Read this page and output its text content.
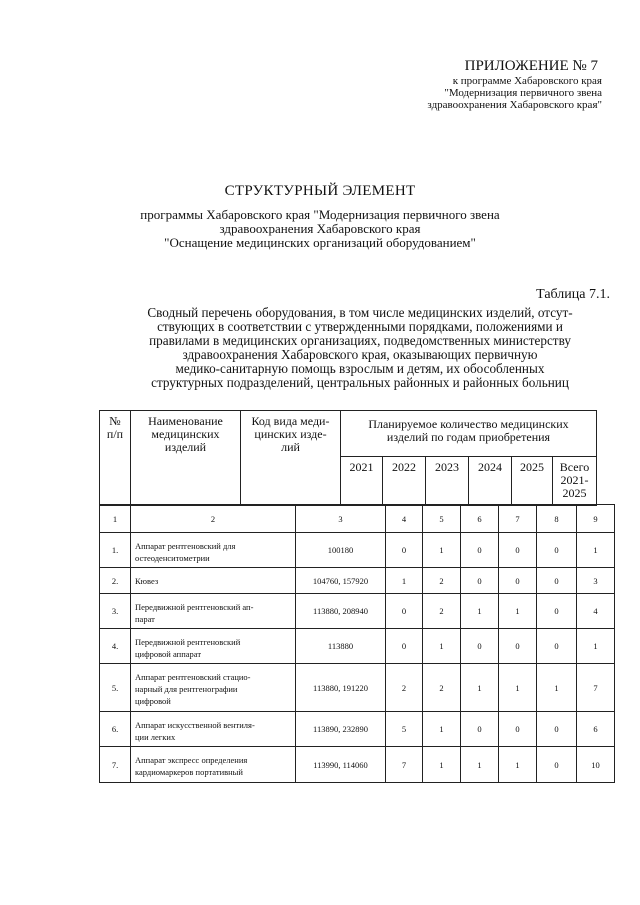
ПРИЛОЖЕНИЕ № 7
к программе Хабаровского края
"Модернизация первичного звена
здравоохранения Хабаровского края"
СТРУКТУРНЫЙ ЭЛЕМЕНТ
программы Хабаровского края "Модернизация первичного звена
здравоохранения Хабаровского края
"Оснащение медицинских организаций оборудованием"
Таблица 7.1.
Сводный перечень оборудования, в том числе медицинских изделий, отсут-
ствующих в соответствии с утвержденными порядками, положениями и
правилами в медицинских организациях, подведомственных министерству
здравоохранения Хабаровского края, оказывающих первичную
медико-санитарную помощь взрослым и детям, их обособленных
структурных подразделений, центральных районных и районных больниц
№
п/п	Наименование
медицинских
изделий	Код вида меди-
цинских изде-
лий	Планируемое количество медицинских
изделий по годам приобретения					
			2021	2022	2023	2024	2025	Всего
2021-
2025
1	2	3	4	5	6	7	8	9
1.	Аппарат рентгеновский для
остеоденситометрии	100180	0	1	0	0	0	1
2.	Кювез	104760, 157920	1	2	0	0	0	3
3.	Передвижной рентгеновский ап-
парат	113880, 208940	0	2	1	1	0	4
4.	Передвижной рентгеновский
цифровой аппарат	113880	0	1	0	0	0	1
5.	Аппарат рентгеновский стацио-
нарный для рентгенографии
цифровой	113880, 191220	2	2	1	1	1	7
6.	Аппарат искусственной вентиля-
ции легких	113890, 232890	5	1	0	0	0	6
7.	Аппарат экспресс определения
кардиомаркеров портативный	113990, 114060	7	1	1	1	0	10
